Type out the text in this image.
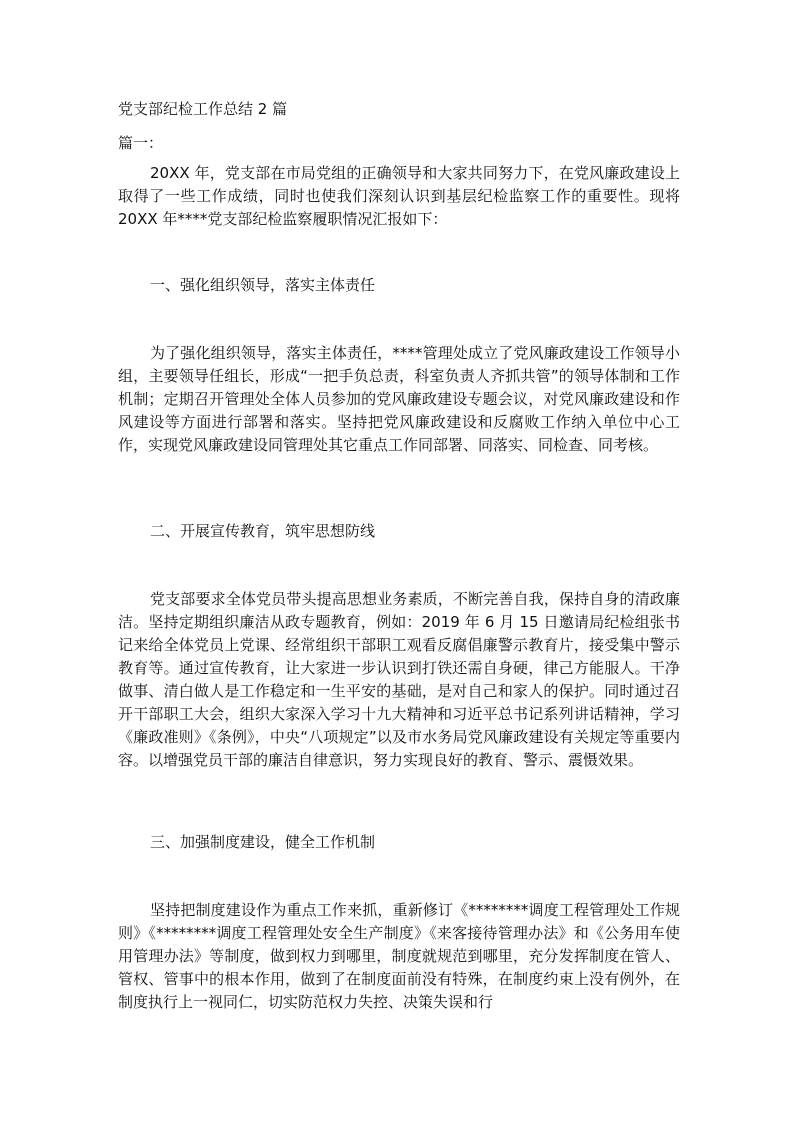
党支部纪检工作总结 2 篇
篇一：

20XX 年，党支部在市局党组的正确领导和大家共同努力下，在党风廉政建设上取得了一些工作成绩，同时也使我们深刻认识到基层纪检监察工作的重要性。现将 20XX 年****党支部纪检监察履职情况汇报如下：

一、强化组织领导，落实主体责任

为了强化组织领导，落实主体责任，****管理处成立了党风廉政建设工作领导小组，主要领导任组长，形成“一把手负总责，科室负责人齐抓共管”的领导体制和工作机制；定期召开管理处全体人员参加的党风廉政建设专题会议，对党风廉政建设和作风建设等方面进行部署和落实。坚持把党风廉政建设和反腐败工作纳入单位中心工作，实现党风廉政建设同管理处其它重点工作同部署、同落实、同检查、同考核。

二、开展宣传教育，筑牢思想防线

党支部要求全体党员带头提高思想业务素质，不断完善自我，保持自身的清政廉洁。坚持定期组织廉洁从政专题教育，例如：2019 年 6 月 15 日邀请局纪检组张书记来给全体党员上党课、经常组织干部职工观看反腐倡廉警示教育片，接受集中警示教育等。通过宣传教育，让大家进一步认识到打铁还需自身硬，律己方能服人。干净做事、清白做人是工作稳定和一生平安的基础，是对自己和家人的保护。同时通过召开干部职工大会，组织大家深入学习十九大精神和习近平总书记系列讲话精神，学习《廉政准则》《条例》，中央“八项规定”以及市水务局党风廉政建设有关规定等重要内容。以增强党员干部的廉洁自律意识，努力实现良好的教育、警示、震慑效果。

三、加强制度建设，健全工作机制

坚持把制度建设作为重点工作来抓，重新修订《********调度工程管理处工作规则》《********调度工程管理处安全生产制度》《来客接待管理办法》和《公务用车使用管理办法》等制度，做到权力到哪里，制度就规范到哪里，充分发挥制度在管人、管权、管事中的根本作用，做到了在制度面前没有特殊，在制度约束上没有例外，在制度执行上一视同仁，切实防范权力失控、决策失误和行
